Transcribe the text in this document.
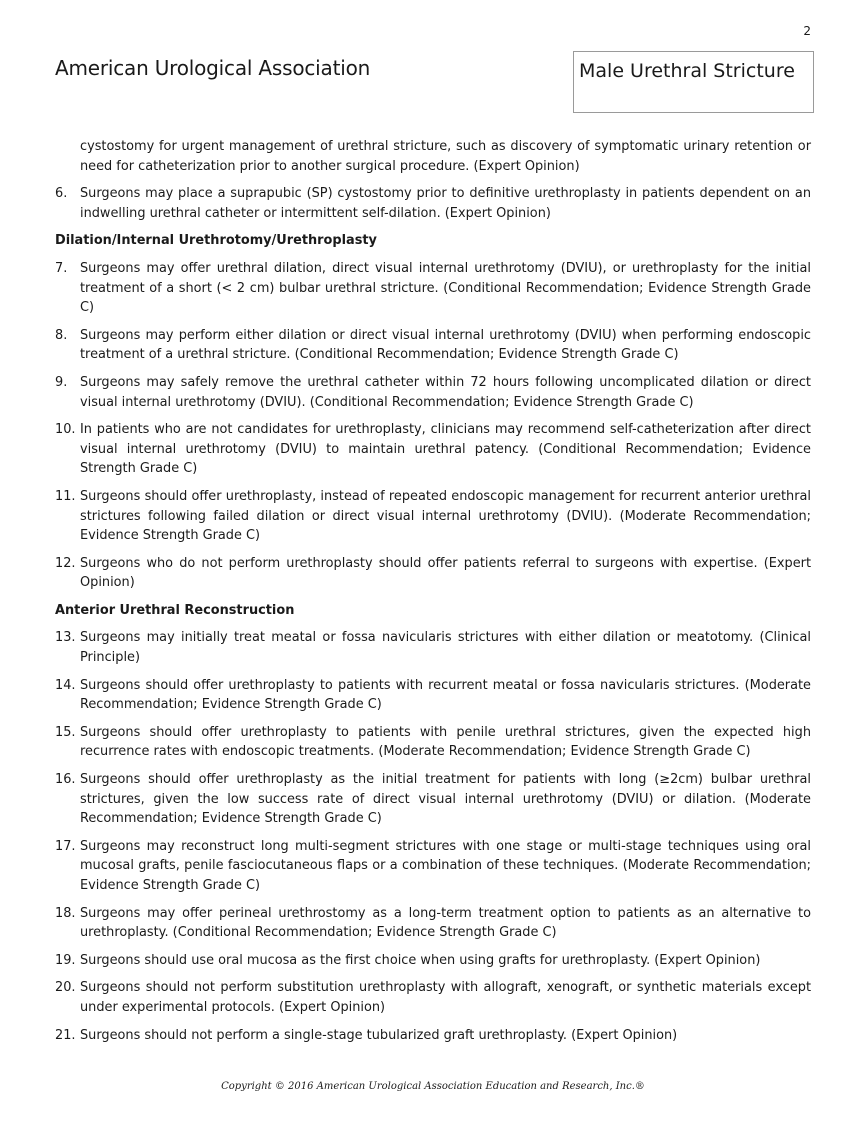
2
American Urological Association	Male Urethral Stricture

cystostomy for urgent management of urethral stricture, such as discovery of symptomatic urinary retention or need for catheterization prior to another surgical procedure. (Expert Opinion)

6. Surgeons may place a suprapubic (SP) cystostomy prior to definitive urethroplasty in patients dependent on an indwelling urethral catheter or intermittent self-dilation. (Expert Opinion)
Dilation/Internal Urethrotomy/Urethroplasty
7. Surgeons may offer urethral dilation, direct visual internal urethrotomy (DVIU), or urethroplasty for the initial treatment of a short (< 2 cm) bulbar urethral stricture. (Conditional Recommendation; Evidence Strength Grade C)
8. Surgeons may perform either dilation or direct visual internal urethrotomy (DVIU) when performing endoscopic treatment of a urethral stricture. (Conditional Recommendation; Evidence Strength Grade C)
9. Surgeons may safely remove the urethral catheter within 72 hours following uncomplicated dilation or direct visual internal urethrotomy (DVIU). (Conditional Recommendation; Evidence Strength Grade C)
10. In patients who are not candidates for urethroplasty, clinicians may recommend self-catheterization after direct visual internal urethrotomy (DVIU) to maintain urethral patency. (Conditional Recommendation; Evidence Strength Grade C)
11. Surgeons should offer urethroplasty, instead of repeated endoscopic management for recurrent anterior urethral strictures following failed dilation or direct visual internal urethrotomy (DVIU). (Moderate Recommendation; Evidence Strength Grade C)
12. Surgeons who do not perform urethroplasty should offer patients referral to surgeons with expertise. (Expert Opinion)
Anterior Urethral Reconstruction
13. Surgeons may initially treat meatal or fossa navicularis strictures with either dilation or meatotomy. (Clinical Principle)
14. Surgeons should offer urethroplasty to patients with recurrent meatal or fossa navicularis strictures. (Moderate Recommendation; Evidence Strength Grade C)
15. Surgeons should offer urethroplasty to patients with penile urethral strictures, given the expected high recurrence rates with endoscopic treatments. (Moderate Recommendation; Evidence Strength Grade C)
16. Surgeons should offer urethroplasty as the initial treatment for patients with long (≥2cm) bulbar urethral strictures, given the low success rate of direct visual internal urethrotomy (DVIU) or dilation. (Moderate Recommendation; Evidence Strength Grade C)
17. Surgeons may reconstruct long multi-segment strictures with one stage or multi-stage techniques using oral mucosal grafts, penile fasciocutaneous flaps or a combination of these techniques. (Moderate Recommendation; Evidence Strength Grade C)
18. Surgeons may offer perineal urethrostomy as a long-term treatment option to patients as an alternative to urethroplasty. (Conditional Recommendation; Evidence Strength Grade C)
19. Surgeons should use oral mucosa as the first choice when using grafts for urethroplasty. (Expert Opinion)
20. Surgeons should not perform substitution urethroplasty with allograft, xenograft, or synthetic materials except under experimental protocols. (Expert Opinion)
21. Surgeons should not perform a single-stage tubularized graft urethroplasty. (Expert Opinion)
Copyright © 2016 American Urological Association Education and Research, Inc.®
